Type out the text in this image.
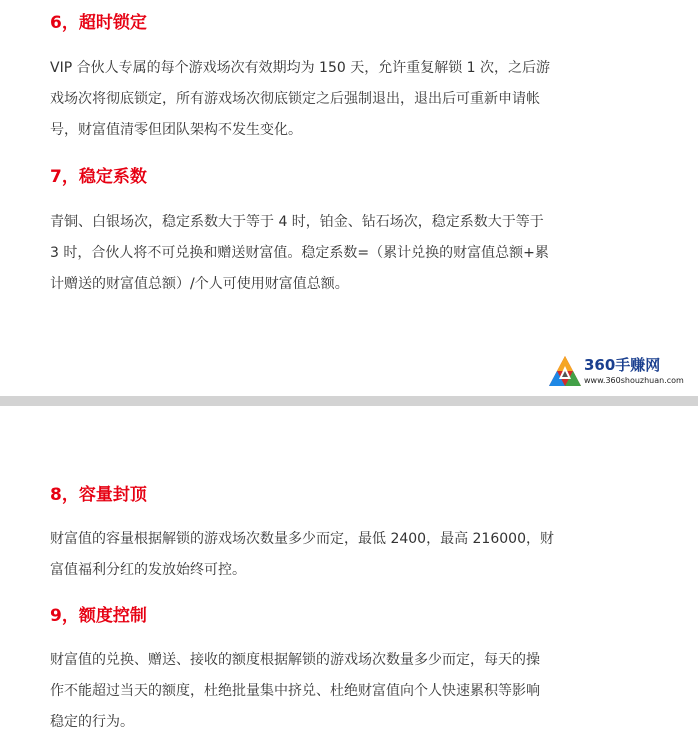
6，超时锁定

VIP 合伙人专属的每个游戏场次有效期均为 150 天，允许重复解锁 1 次，之后游
戏场次将彻底锁定，所有游戏场次彻底锁定之后强制退出，退出后可重新申请帐
号，财富值清零但团队架构不发生变化。

7，稳定系数

青铜、白银场次，稳定系数大于等于 4 时，铂金、钻石场次，稳定系数大于等于
3 时，合伙人将不可兑换和赠送财富值。稳定系数=（累计兑换的财富值总额+累
计赠送的财富值总额）/个人可使用财富值总额。

360手赚网
www.360shouzhuan.com
8，容量封顶

财富值的容量根据解锁的游戏场次数量多少而定，最低 2400，最高 216000，财
富值福利分红的发放始终可控。

9，额度控制

财富值的兑换、赠送、接收的额度根据解锁的游戏场次数量多少而定，每天的操
作不能超过当天的额度，杜绝批量集中挤兑、杜绝财富值向个人快速累积等影响
稳定的行为。
